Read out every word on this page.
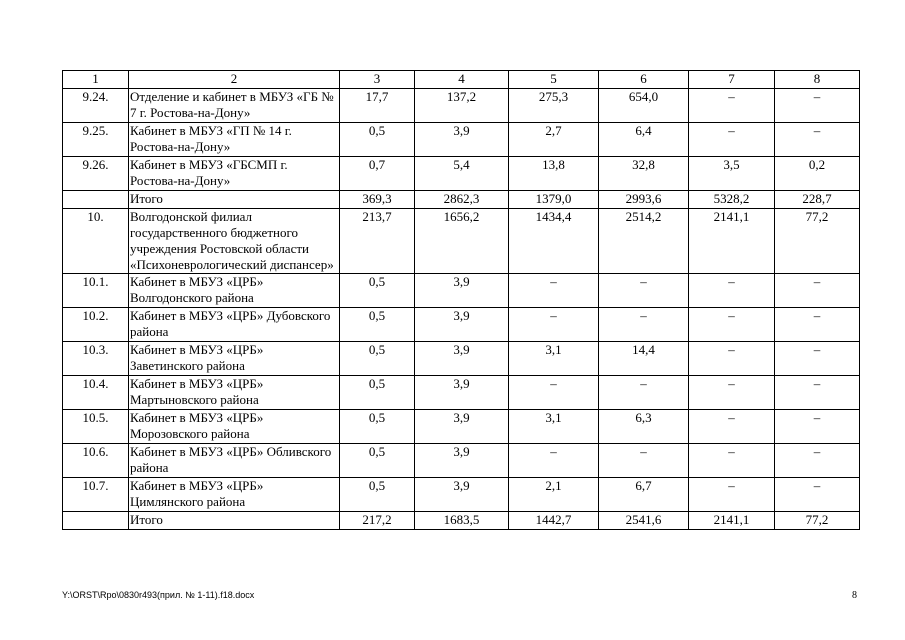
1	2	3	4	5	6	7	8
9.24.	Отделение и кабинет в МБУЗ «ГБ № 7 г. Ростова-на-Дону»	17,7	137,2	275,3	654,0	–	–
9.25.	Кабинет в МБУЗ «ГП № 14 г. Ростова-на-Дону»	0,5	3,9	2,7	6,4	–	–
9.26.	Кабинет в МБУЗ «ГБСМП г. Ростова-на-Дону»	0,7	5,4	13,8	32,8	3,5	0,2
	Итого	369,3	2862,3	1379,0	2993,6	5328,2	228,7
10.	Волгодонской филиал государственного бюджетного учреждения Ростовской области «Психоневрологический диспансер»	213,7	1656,2	1434,4	2514,2	2141,1	77,2
10.1.	Кабинет в МБУЗ «ЦРБ» Волгодонского района	0,5	3,9	–	–	–	–
10.2.	Кабинет в МБУЗ «ЦРБ» Дубовского района	0,5	3,9	–	–	–	–
10.3.	Кабинет в МБУЗ «ЦРБ» Заветинского района	0,5	3,9	3,1	14,4	–	–
10.4.	Кабинет в МБУЗ «ЦРБ» Мартыновского района	0,5	3,9	–	–	–	–
10.5.	Кабинет в МБУЗ «ЦРБ» Морозовского района	0,5	3,9	3,1	6,3	–	–
10.6.	Кабинет в МБУЗ «ЦРБ» Обливского района	0,5	3,9	–	–	–	–
10.7.	Кабинет в МБУЗ «ЦРБ» Цимлянского района	0,5	3,9	2,1	6,7	–	–
	Итого	217,2	1683,5	1442,7	2541,6	2141,1	77,2
Y:\ORST\Rpo\0830r493(прил. № 1-11).f18.docx	8
